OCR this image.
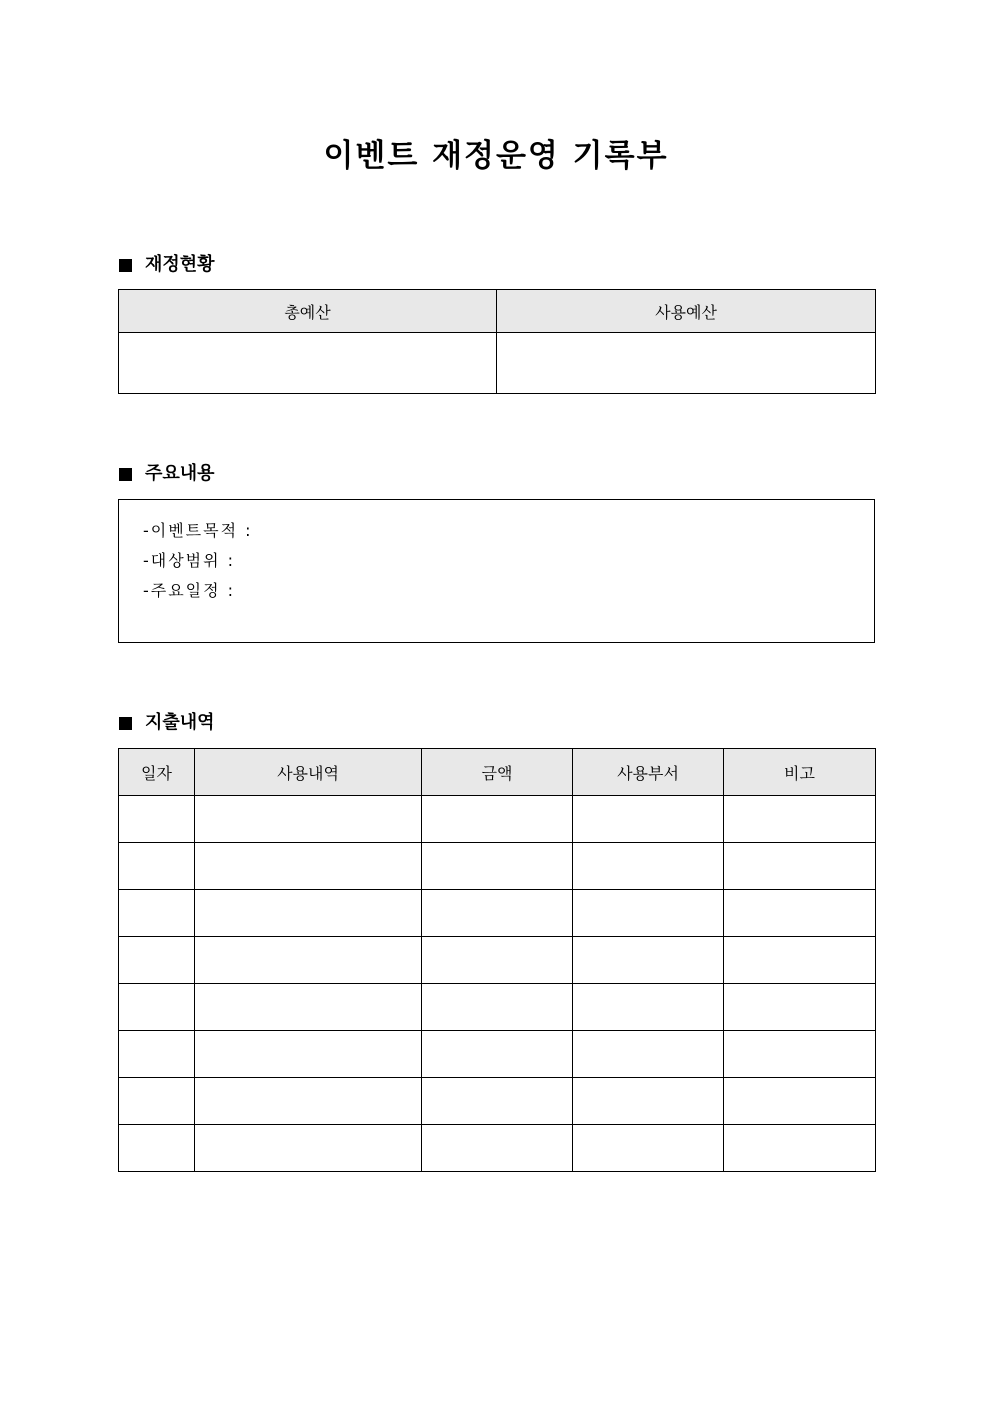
이벤트 재정운영 기록부
재정현황
총예산	사용예산

주요내용
-이벤트목적 :
-대상범위 :
-주요일정 :
지출내역
일자	사용내역	금액	사용부서	비고
